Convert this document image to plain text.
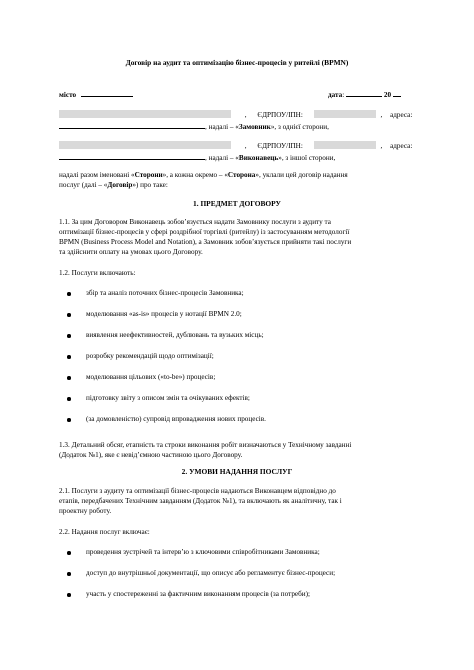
Договір на аудит та оптимізацію бізнес-процесів у ритейлі (BPMN)
місто	дата:	20
, ЄДРПОУ/ІПН:	, адреса:
, надалі – «Замовник», з однієї сторони,
, ЄДРПОУ/ІПН:	, адреса:
, надалі – «Виконавець», з іншої сторони,
надалі разом іменовані «Сторони», а кожна окремо – «Сторона», уклали цей договір надання
послуг (далі – «Договір») про таке:
1. ПРЕДМЕТ ДОГОВОРУ
1.1. За цим Договором Виконавець зобов’язується надати Замовнику послуги з аудиту та
оптимізації бізнес-процесів у сфері роздрібної торгівлі (ритейлу) із застосуванням методології
BPMN (Business Process Model and Notation), а Замовник зобов’язується прийняти такі послуги
та здійснити оплату на умовах цього Договору.
1.2. Послуги включають:
збір та аналіз поточних бізнес-процесів Замовника;
моделювання «as-is» процесів у нотації BPMN 2.0;
виявлення неефективностей, дублювань та вузьких місць;
розробку рекомендацій щодо оптимізації;
моделювання цільових («to-be») процесів;
підготовку звіту з описом змін та очікуваних ефектів;
(за домовленістю) супровід впровадження нових процесів.
1.3. Детальний обсяг, етапність та строки виконання робіт визначаються у Технічному завданні
(Додаток №1), яке є невід’ємною частиною цього Договору.
2. УМОВИ НАДАННЯ ПОСЛУГ
2.1. Послуги з аудиту та оптимізації бізнес-процесів надаються Виконавцем відповідно до
етапів, передбачених Технічним завданням (Додаток №1), та включають як аналітичну, так і
проектну роботу.
2.2. Надання послуг включає:
проведення зустрічей та інтерв’ю з ключовими співробітниками Замовника;
доступ до внутрішньої документації, що описує або регламентує бізнес-процеси;
участь у спостереженні за фактичним виконанням процесів (за потреби);
